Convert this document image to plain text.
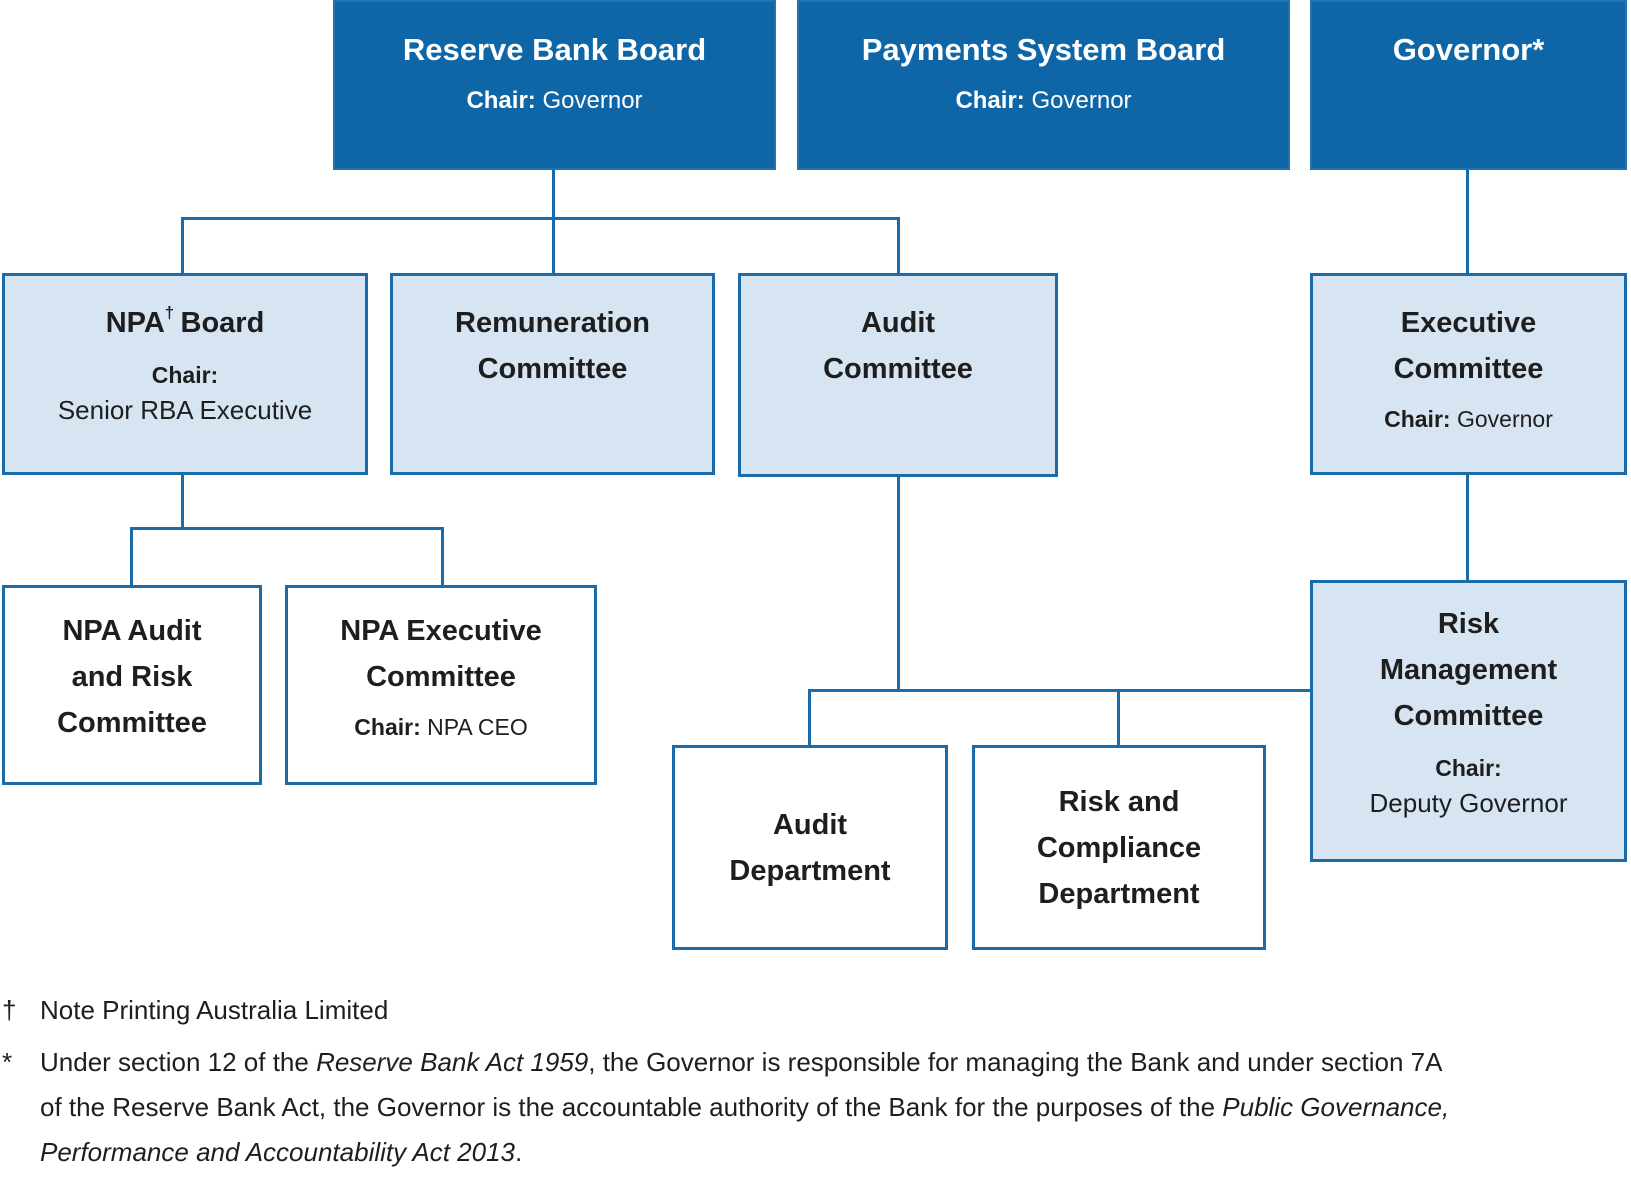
Reserve Bank Board
Chair: Governor
Payments System Board
Chair: Governor
Governor*
NPA† Board
Chair:
Senior RBA Executive
Remuneration
Committee
Audit
Committee
Executive
Committee
Chair: Governor
NPA Audit
and Risk
Committee
NPA Executive
Committee
Chair: NPA CEO
Audit
Department
Risk and
Compliance
Department
Risk
Management
Committee
Chair:
Deputy Governor
† Note Printing Australia Limited
*	Under section 12 of the Reserve Bank Act 1959, the Governor is responsible for managing the Bank and under section 7A of the Reserve Bank Act, the Governor is the accountable authority of the Bank for the purposes of the Public Governance, Performance and Accountability Act 2013.
